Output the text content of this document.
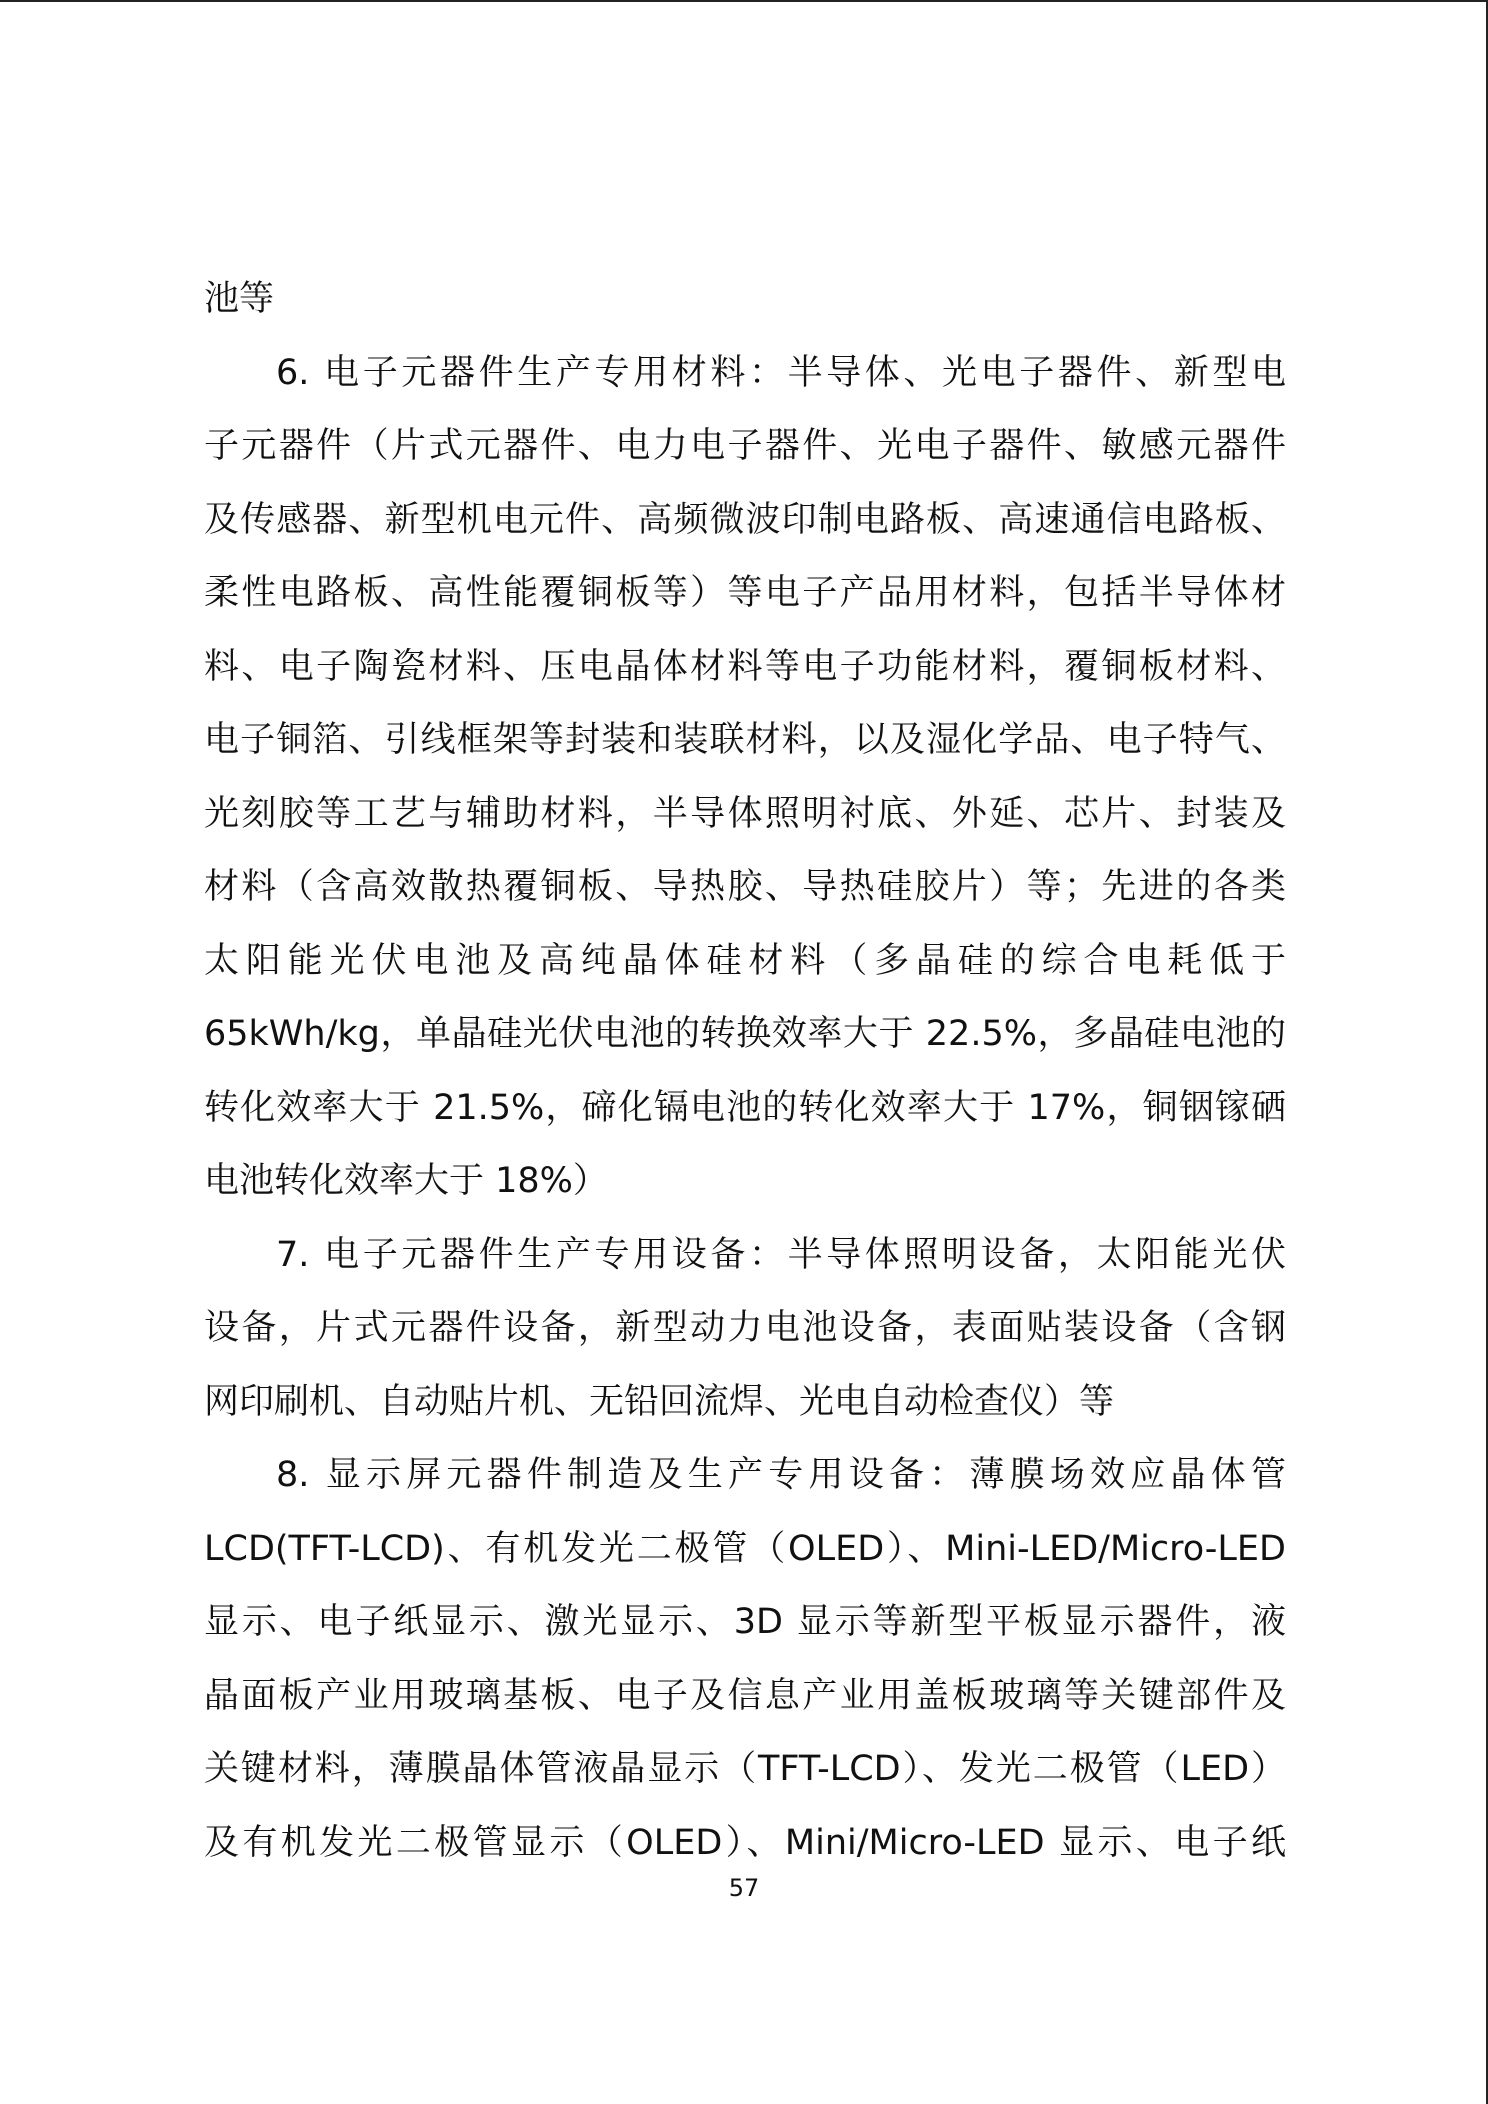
池等
6. 电子元器件生产专用材料：半导体、光电子器件、新型电
子元器件（片式元器件、电力电子器件、光电子器件、敏感元器件
及传感器、新型机电元件、高频微波印制电路板、高速通信电路板、
柔性电路板、高性能覆铜板等）等电子产品用材料，包括半导体材
料、电子陶瓷材料、压电晶体材料等电子功能材料，覆铜板材料、
电子铜箔、引线框架等封装和装联材料，以及湿化学品、电子特气、
光刻胶等工艺与辅助材料，半导体照明衬底、外延、芯片、封装及
材料（含高效散热覆铜板、导热胶、导热硅胶片）等；先进的各类
太阳能光伏电池及高纯晶体硅材料（多晶硅的综合电耗低于
65kWh/kg，单晶硅光伏电池的转换效率大于 22.5%，多晶硅电池的
转化效率大于 21.5%，碲化镉电池的转化效率大于 17%，铜铟镓硒
电池转化效率大于 18%）
7. 电子元器件生产专用设备：半导体照明设备，太阳能光伏
设备，片式元器件设备，新型动力电池设备，表面贴装设备（含钢
网印刷机、自动贴片机、无铅回流焊、光电自动检查仪）等
8. 显示屏元器件制造及生产专用设备：薄膜场效应晶体管
LCD(TFT-LCD)、有机发光二极管（OLED）、Mini-LED/Micro-LED
显示、电子纸显示、激光显示、3D 显示等新型平板显示器件，液
晶面板产业用玻璃基板、电子及信息产业用盖板玻璃等关键部件及
关键材料，薄膜晶体管液晶显示（TFT-LCD）、发光二极管（LED）
及有机发光二极管显示（OLED）、Mini/Micro-LED 显示、电子纸
57
